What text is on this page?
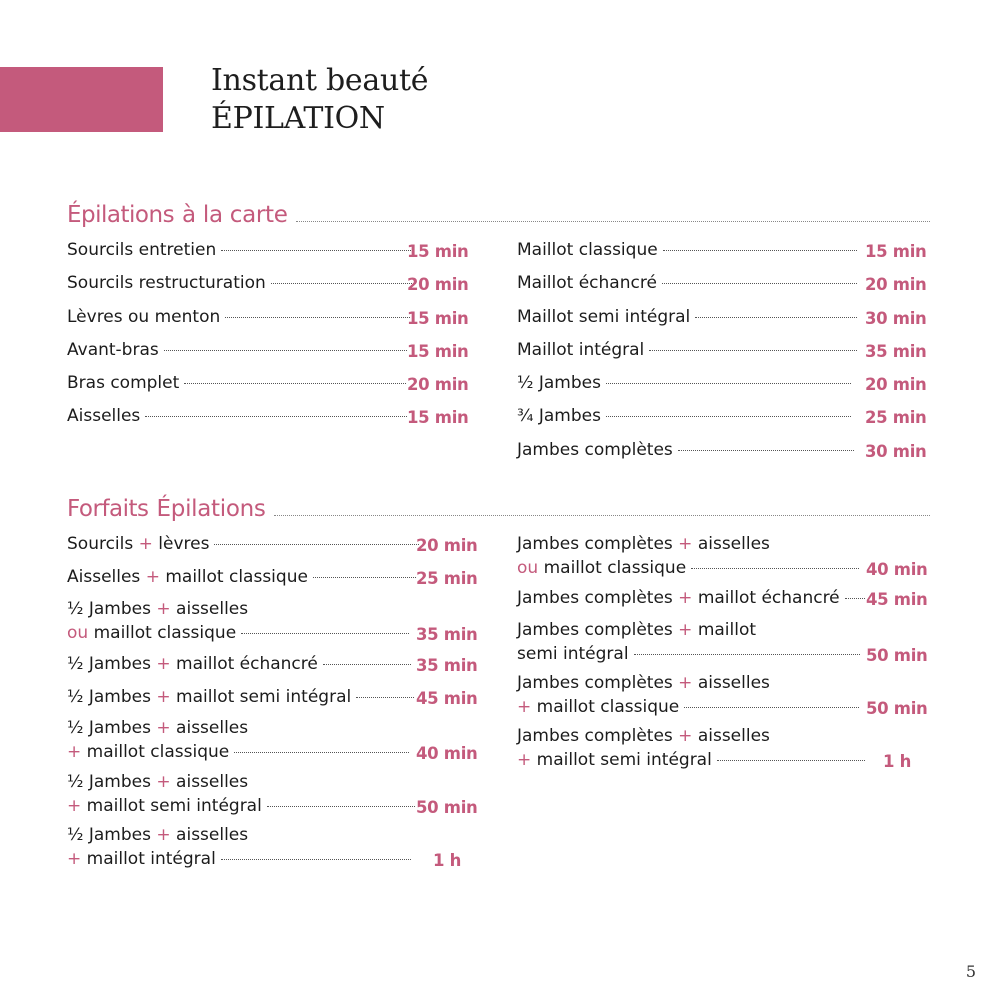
Instant beauté
ÉPILATION
Épilations à la carte
Sourcils entretien	15 min
Sourcils restructuration	20 min
Lèvres ou menton	15 min
Avant-bras	15 min
Bras complet	20 min
Aisselles	15 min
Maillot classique	15 min
Maillot échancré	20 min
Maillot semi intégral	30 min
Maillot intégral	35 min
½ Jambes	20 min
¾ Jambes	25 min
Jambes complètes	30 min
Forfaits Épilations
Sourcils
+
lèvres	20 min
Aisselles
+
maillot classique	25 min
½ Jambes
+
aisselles
ou
maillot classique	35 min
½ Jambes
+
maillot échancré	35 min
½ Jambes
+
maillot semi intégral	45 min
½ Jambes
+
aisselles
+
maillot classique	40 min
½ Jambes
+
aisselles
+
maillot semi intégral	50 min
½ Jambes
+
aisselles
+
maillot intégral	1 h
Jambes complètes
+
aisselles
ou
maillot classique	40 min
Jambes complètes
+
maillot échancré 45 min
Jambes complètes
+
maillot
semi intégral	50 min
Jambes complètes
+
aisselles
+
maillot classique	50 min
Jambes complètes
+
aisselles
+
maillot semi intégral	1 h
5
